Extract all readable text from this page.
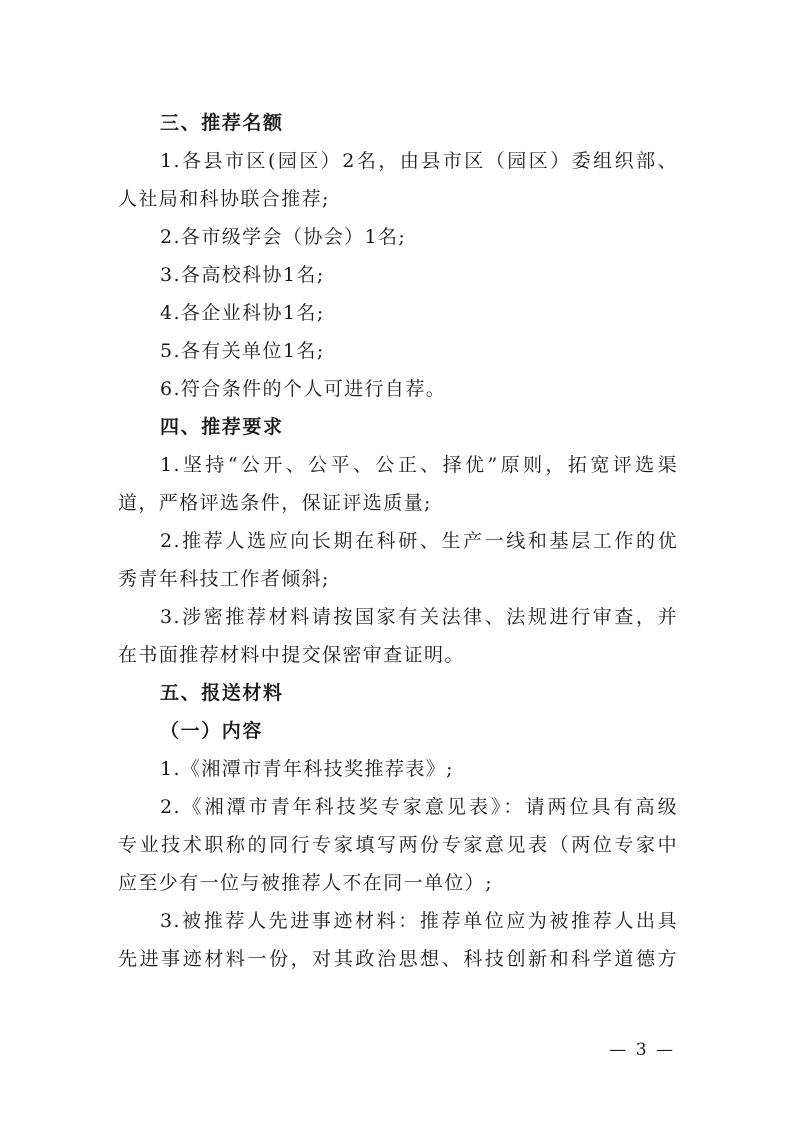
三、推荐名额
1.各县市区(园区）2名，由县市区（园区）委组织部、
人社局和科协联合推荐;
2.各市级学会（协会）1名;
3.各高校科协1名;
4.各企业科协1名;
5.各有关单位1名;
6.符合条件的个人可进行自荐。
四、推荐要求
1.坚持“公开、公平、公正、择优”原则，拓宽评选渠
道，严格评选条件，保证评选质量;
2.推荐人选应向长期在科研、生产一线和基层工作的优
秀青年科技工作者倾斜;
3.涉密推荐材料请按国家有关法律、法规进行审查，并
在书面推荐材料中提交保密审查证明。
五、报送材料
（一）内容
1.《湘潭市青年科技奖推荐表》;
2.《湘潭市青年科技奖专家意见表》：请两位具有高级
专业技术职称的同行专家填写两份专家意见表（两位专家中
应至少有一位与被推荐人不在同一单位）;
3.被推荐人先进事迹材料：推荐单位应为被推荐人出具
先进事迹材料一份，对其政治思想、科技创新和科学道德方
— 3 —
